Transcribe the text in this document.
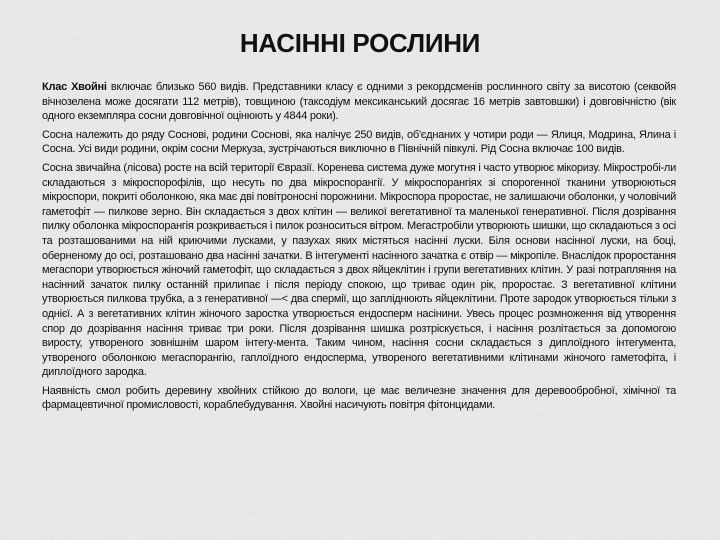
НАСІННІ РОСЛИНИ

Клас Хвойні включає близько 560 видів. Представники класу є одними з рекордсменів рослинного світу за висотою (секвойя вічнозелена може досягати 112 метрів), товщиною (таксодіум мексиканський досягає 16 метрів завтовшки) і довговічністю (вік одного екземпляра сосни довговічної оцінюють у 4844 роки).

Сосна належить до ряду Соснові, родини Соснові, яка налічує 250 видів, об'єднаних у чотири роди — Ялиця, Модрина, Ялина і Сосна. Усі види родини, окрім сосни Меркуза, зустрічаються виключно в Північній півкулі. Рід Сосна включає 100 видів.

Сосна звичайна (лісова) росте на всій території Євразії. Коренева система дуже могутня і часто утворює мікоризу. Мікростробі-ли складаються з мікроспорофілів, що несуть по два мікроспорангії. У мікроспорангіях зі спорогенної тканини утворюються мікроспори, покриті оболонкою, яка має дві повітроносні порожнини. Мікроспора проростає, не залишаючи оболонки, у чоловічий гаметофіт — пилкове зерно. Він складається з двох клітин — великої вегетативної та маленької генеративної. Після дозрівання пилку оболонка мікроспорангія розкривається і пилок розноситься вітром. Мегастробіли утворюють шишки, що складаються з осі та розташованими на ній криючими лусками, у пазухах яких містяться насінні луски. Біля основи насінної луски, на боці, оберненому до осі, розташовано два насінні зачатки. В інтегументі насінного зачатка є отвір — мікропіле. Внаслідок проростання мегаспори утворюється жіночий гаметофіт, що складається з двох яйцеклітин і групи вегетативних клітин. У разі потрапляння на насінний зачаток пилку останній прилипає і після періоду спокою, що триває один рік, проростає. З вегетативної клітини утворюється пилкова трубка, а з генеративної —< два спермії, що запліднюють яйцеклітини. Проте зародок утворюється тільки з однієї. А з вегетативних клітин жіночого заростка утворюється ендосперм насінини. Увесь процес розмноження від утворення спор до дозрівання насіння триває три роки. Після дозрівання шишка розтріскується, і насіння розлітається за допомогою виросту, утвореного зовнішнім шаром інтегу-мента. Таким чином, насіння сосни складається з диплоїдного інтегумента, утвореного оболонкою мегаспорангію, гаплоїдного ендосперма, утвореного вегетативними клітинами жіночого гаметофіта, і диплоїдного зародка.

Наявність смол робить деревину хвойних стійкою до вологи, це має величезне значення для деревообробної, хімічної та фармацевтичної промисловості, кораблебудування. Хвойні насичують повітря фітонцидами.
